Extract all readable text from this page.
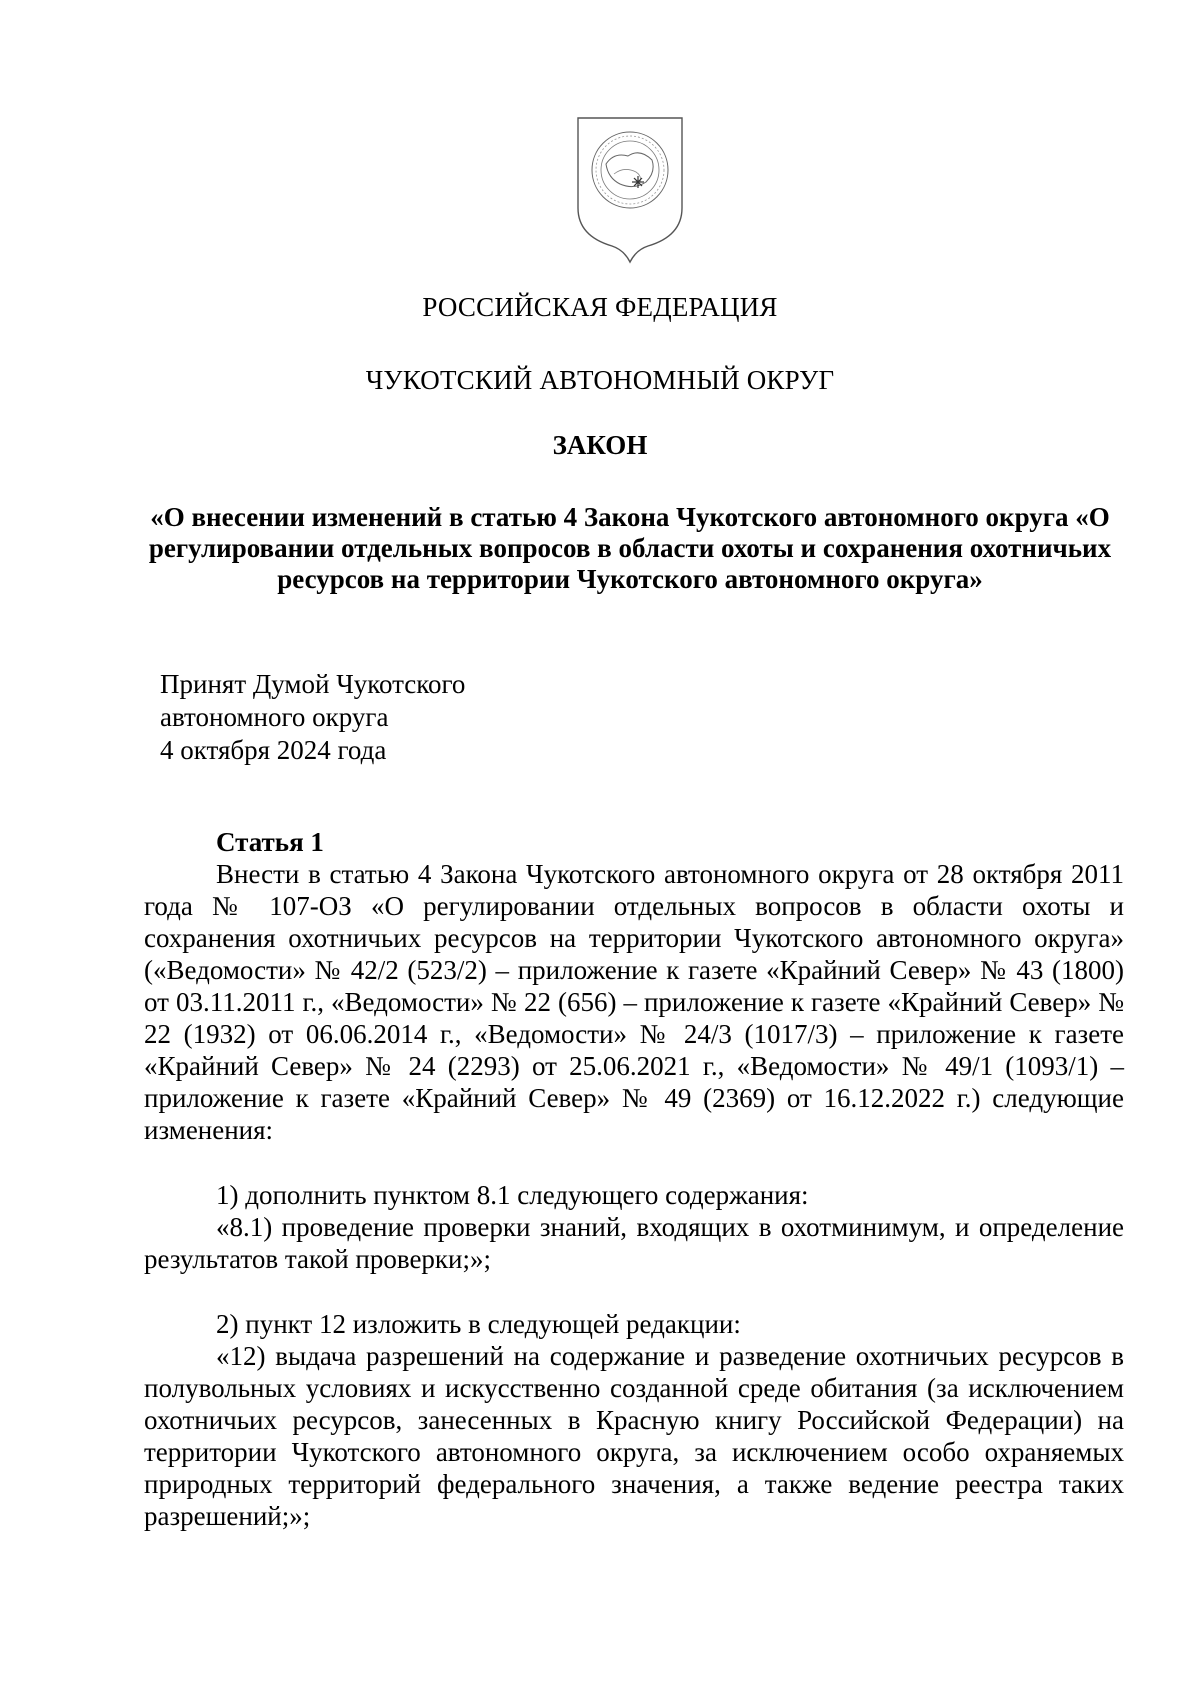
РОССИЙСКАЯ ФЕДЕРАЦИЯ
ЧУКОТСКИЙ АВТОНОМНЫЙ ОКРУГ
ЗАКОН
«О внесении изменений в статью 4 Закона Чукотского автономного округа «О регулировании отдельных вопросов в области охоты и сохранения охотничьих ресурсов на территории Чукотского автономного округа»
Принят Думой Чукотского
автономного округа
4 октября 2024 года
Статья 1

Внести в статью 4 Закона Чукотского автономного округа от 28 октября 2011 года № 107-ОЗ «О регулировании отдельных вопросов в области охоты и сохранения охотничьих ресурсов на территории Чукотского автономного округа» («Ведомости» № 42/2 (523/2) – приложение к газете «Крайний Север» № 43 (1800) от 03.11.2011 г., «Ведомости» № 22 (656) – приложение к газете «Крайний Север» № 22 (1932) от 06.06.2014 г., «Ведомости» № 24/3 (1017/3) – приложение к газете «Крайний Север» № 24 (2293) от 25.06.2021 г., «Ведомости» № 49/1 (1093/1) – приложение к газете «Крайний Север» № 49 (2369) от 16.12.2022 г.) следующие изменения:

1) дополнить пунктом 8.1 следующего содержания:

«8.1) проведение проверки знаний, входящих в охотминимум, и определение результатов такой проверки;»;

2) пункт 12 изложить в следующей редакции:

«12) выдача разрешений на содержание и разведение охотничьих ресурсов в полувольных условиях и искусственно созданной среде обитания (за исключением охотничьих ресурсов, занесенных в Красную книгу Российской Федерации) на территории Чукотского автономного округа, за исключением особо охраняемых природных территорий федерального значения, а также ведение реестра таких разрешений;»;
